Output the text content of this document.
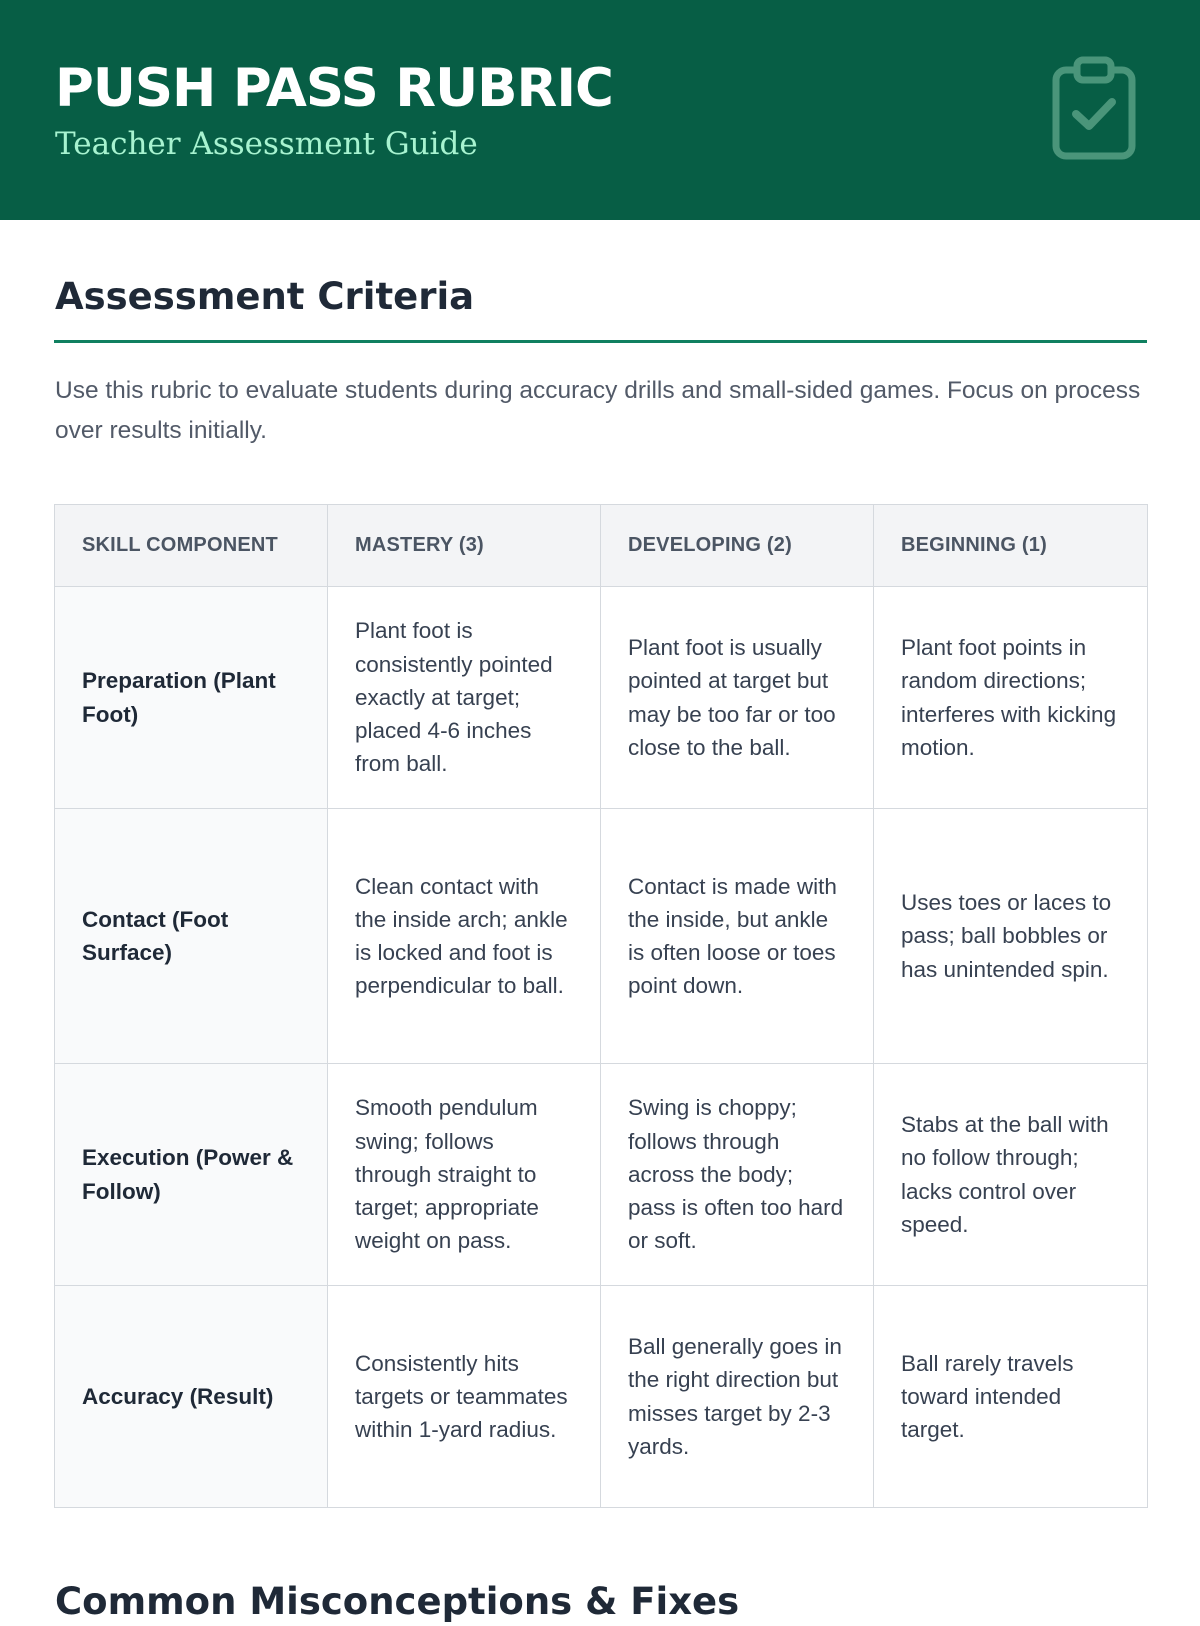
PUSH PASS RUBRIC
Teacher Assessment Guide
Assessment Criteria

Use this rubric to evaluate students during accuracy drills and small-sided games. Focus on process over results initially.

SKILL COMPONENT	MASTERY (3)	DEVELOPING (2)	BEGINNING (1)
Preparation (Plant Foot)	Plant foot is consistently pointed exactly at target; placed 4-6 inches from ball.	Plant foot is usually pointed at target but may be too far or too close to the ball.	Plant foot points in random directions; interferes with kicking motion.
Contact (Foot Surface)	Clean contact with the inside arch; ankle is locked and foot is perpendicular to ball.	Contact is made with the inside, but ankle is often loose or toes point down.	Uses toes or laces to pass; ball bobbles or has unintended spin.
Execution (Power & Follow)	Smooth pendulum swing; follows through straight to target; appropriate weight on pass.	Swing is choppy; follows through across the body; pass is often too hard or soft.	Stabs at the ball with no follow through; lacks control over speed.
Accuracy (Result)	Consistently hits targets or teammates within 1-yard radius.	Ball generally goes in the right direction but misses target by 2-3 yards.	Ball rarely travels toward intended target.
Common Misconceptions & Fixes
